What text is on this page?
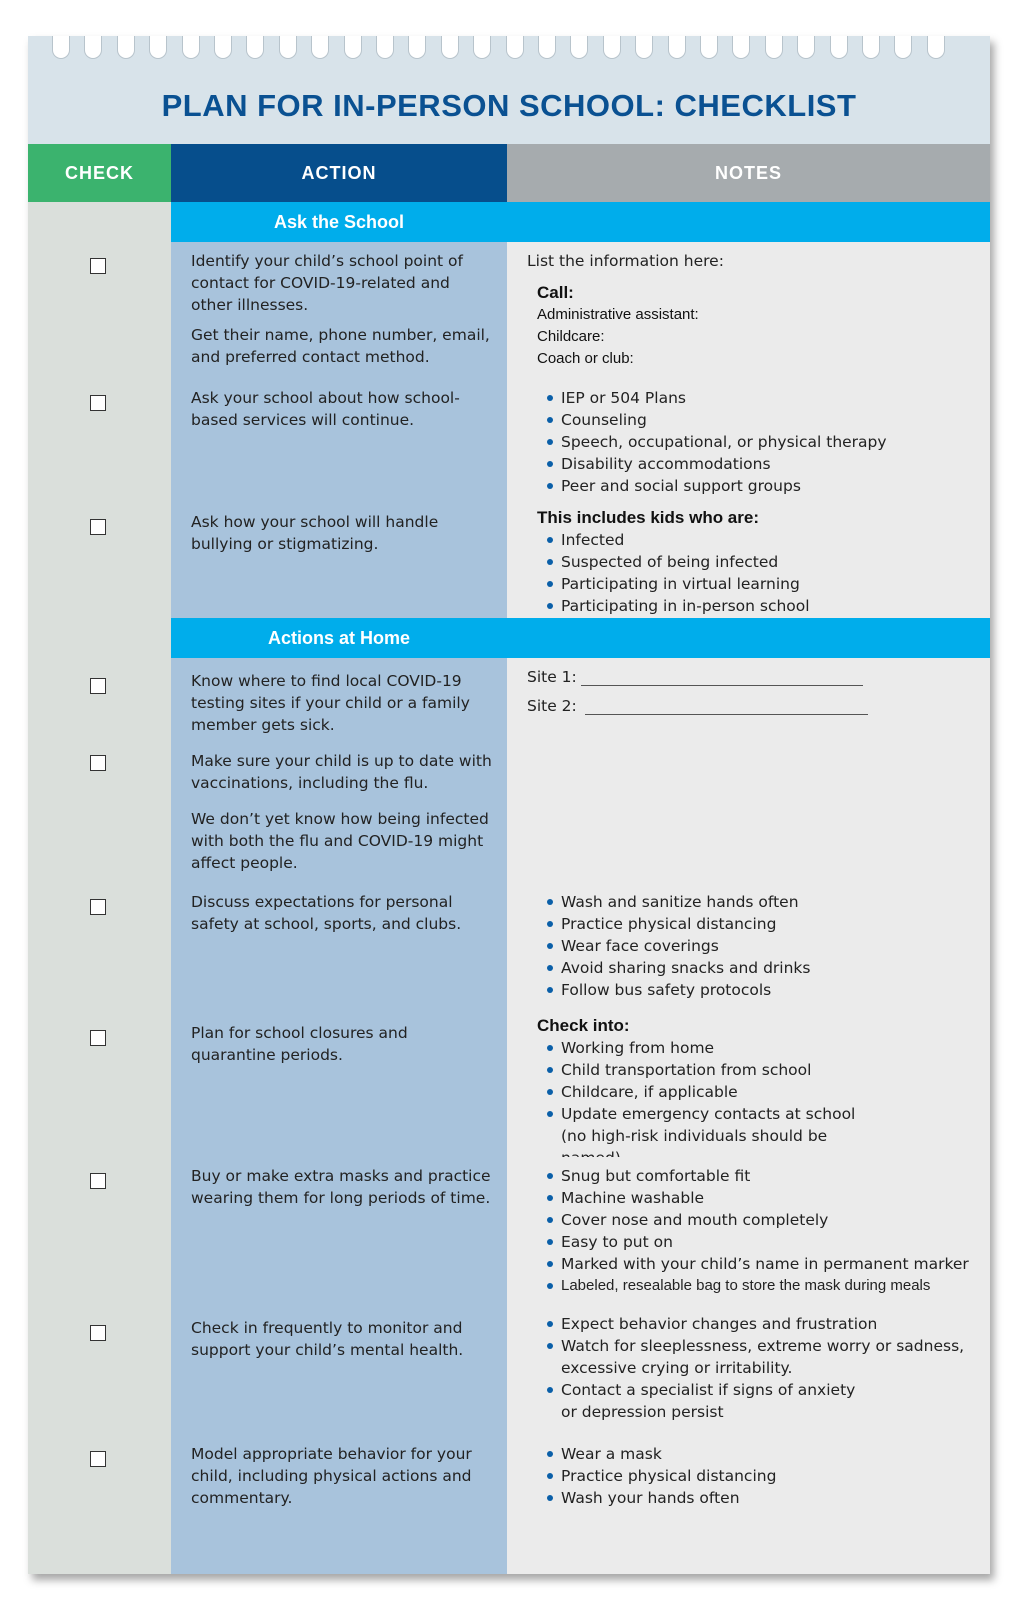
PLAN FOR IN-PERSON SCHOOL: CHECKLIST
CHECK	ACTION	NOTES
Ask the School

Identify your child’s school point of contact for COVID-19-related and other illnesses.

Get their name, phone number, email, and preferred contact method.

List the information here:
Call:
Administrative assistant:
Childcare:
Coach or club:

Ask your school about how school-based services will continue.

IEP or 504 Plans
Counseling
Speech, occupational, or physical therapy
Disability accommodations
Peer and social support groups

Ask how your school will handle bullying or stigmatizing.

This includes kids who are:
Infected
Suspected of being infected
Participating in virtual learning
Participating in in-person school
Actions at Home

Know where to find local COVID-19 testing sites if your child or a family member gets sick.

Site 1:
Site 2:

Make sure your child is up to date with vaccinations, including the flu.

We don’t yet know how being infected with both the flu and COVID-19 might affect people.

Discuss expectations for personal safety at school, sports, and clubs.

Wash and sanitize hands often
Practice physical distancing
Wear face coverings
Avoid sharing snacks and drinks
Follow bus safety protocols

Plan for school closures and quarantine periods.

Check into:
Working from home
Child transportation from school
Childcare, if applicable
Update emergency contacts at school (no high-risk individuals should be

Buy or make extra masks and practice wearing them for long periods of time.

Snug but comfortable fit
Machine washable
Cover nose and mouth completely
Easy to put on
Marked with your child’s name in permanent marker
Labeled, resealable bag to store the mask during meals

Check in frequently to monitor and support your child’s mental health.

Expect behavior changes and frustration
Watch for sleeplessness, extreme worry or sadness, excessive crying or irritability.
Contact a specialist if signs of anxiety or depression persist

Model appropriate behavior for your child, including physical actions and commentary.

Wear a mask
Practice physical distancing
Wash your hands often
